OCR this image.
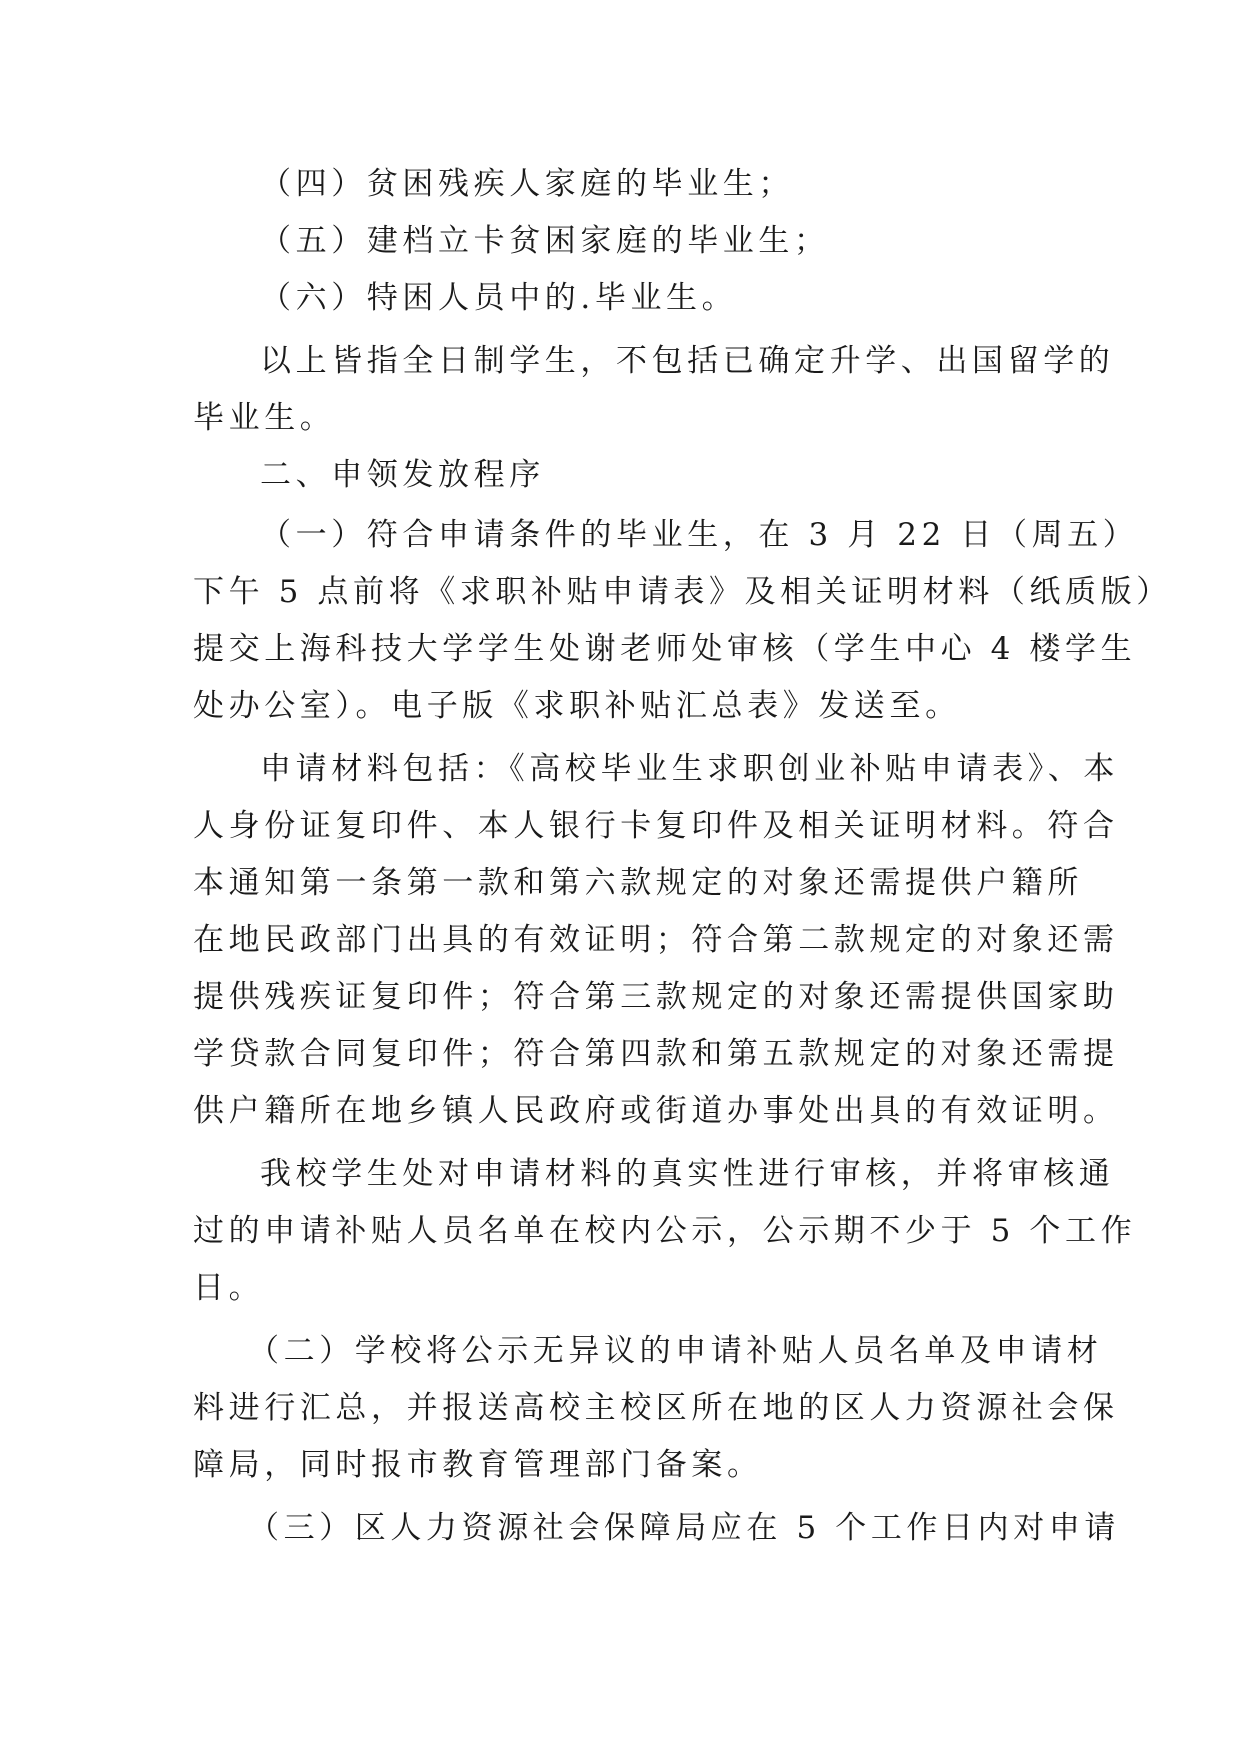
（四）贫困残疾人家庭的毕业生；
（五）建档立卡贫困家庭的毕业生；
（六）特困人员中的.毕业生。
以上皆指全日制学生，不包括已确定升学、出国留学的
毕业生。
二、申领发放程序
（一）符合申请条件的毕业生，在 3 月 22 日（周五）
下午 5 点前将《求职补贴申请表》及相关证明材料（纸质版）
提交上海科技大学学生处谢老师处审核（学生中心 4 楼学生
处办公室）。电子版《求职补贴汇总表》发送至。
申请材料包括：《高校毕业生求职创业补贴申请表》、本
人身份证复印件、本人银行卡复印件及相关证明材料。符合
本通知第一条第一款和第六款规定的对象还需提供户籍所
在地民政部门出具的有效证明；符合第二款规定的对象还需
提供残疾证复印件；符合第三款规定的对象还需提供国家助
学贷款合同复印件；符合第四款和第五款规定的对象还需提
供户籍所在地乡镇人民政府或街道办事处出具的有效证明。
我校学生处对申请材料的真实性进行审核，并将审核通
过的申请补贴人员名单在校内公示，公示期不少于 5 个工作
日。
（二）学校将公示无异议的申请补贴人员名单及申请材
料进行汇总，并报送高校主校区所在地的区人力资源社会保
障局，同时报市教育管理部门备案。
（三）区人力资源社会保障局应在 5 个工作日内对申请
